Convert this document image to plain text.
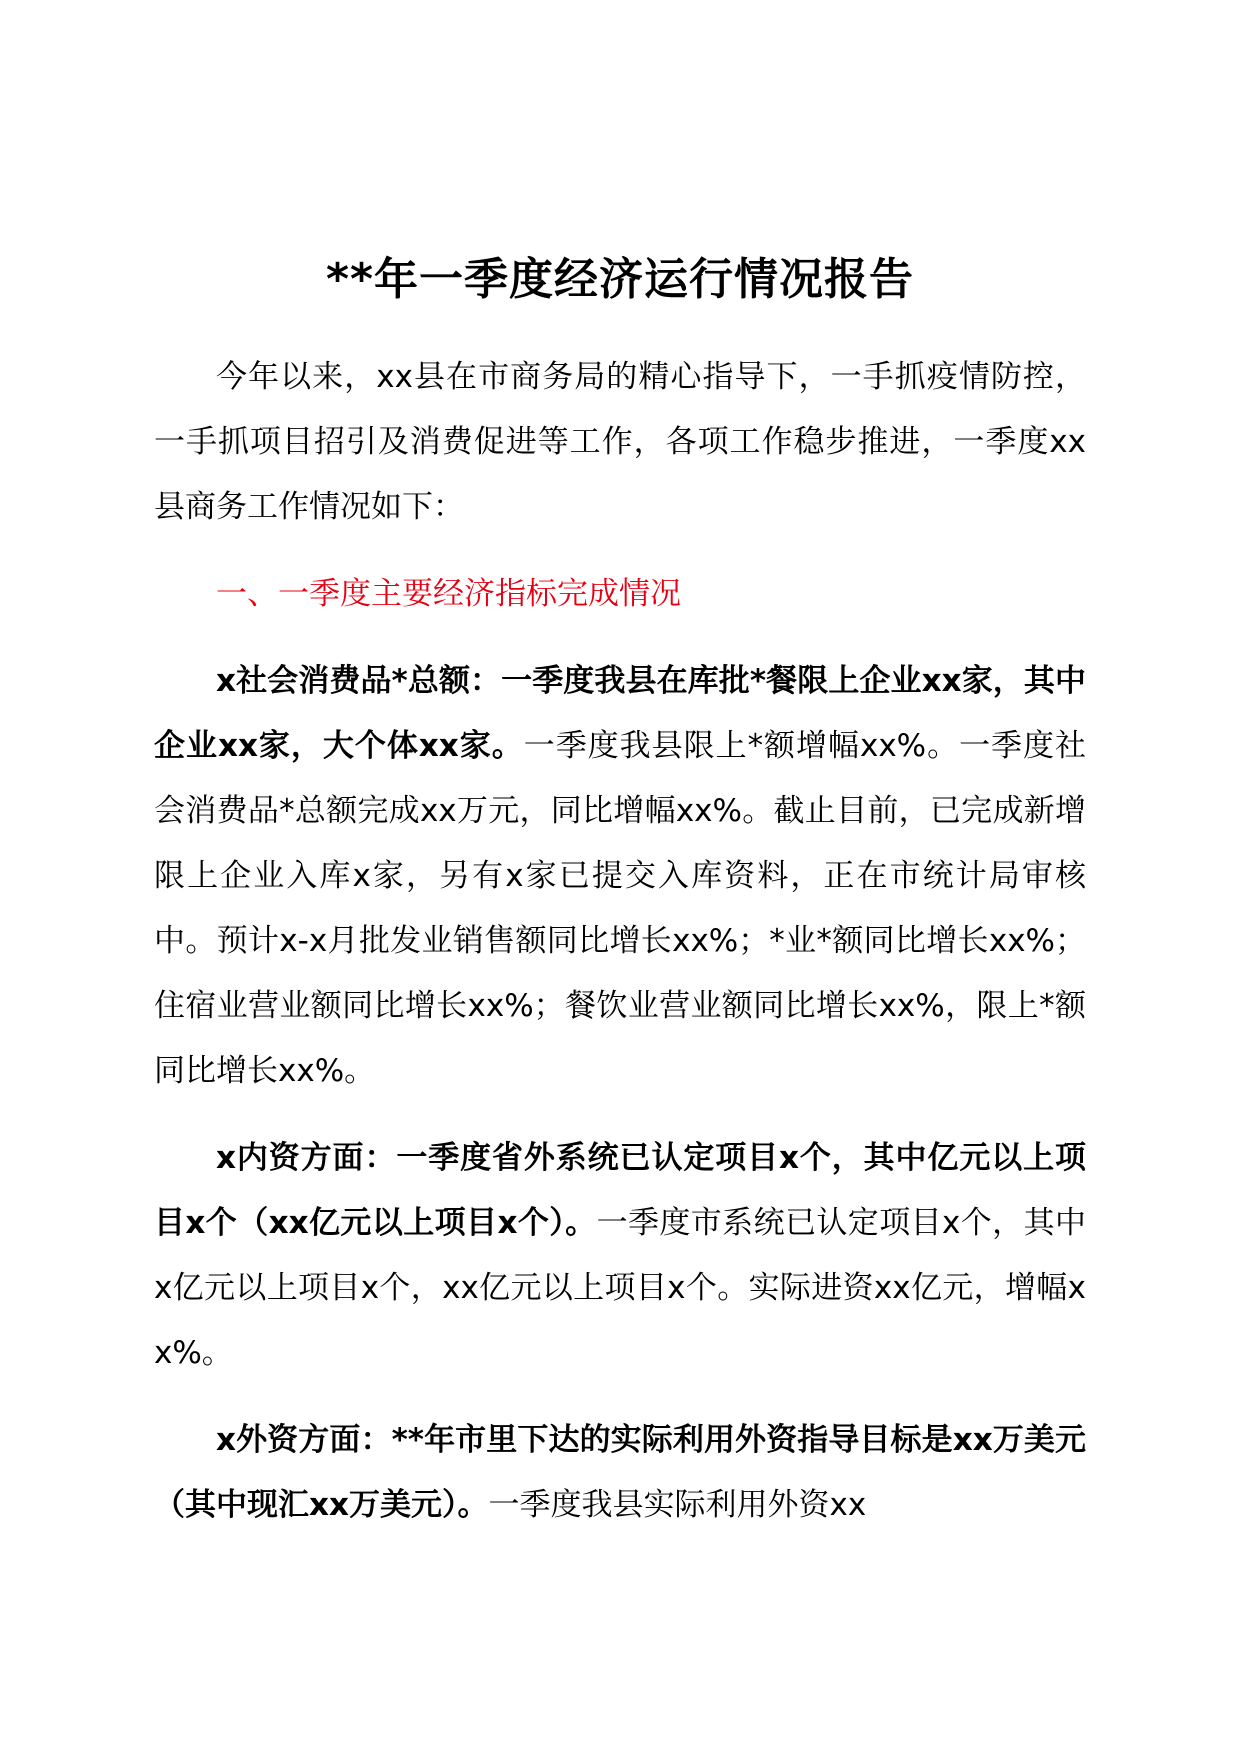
**年一季度经济运行情况报告

今年以来，xx县在市商务局的精心指导下，一手抓疫情防控，一手抓项目招引及消费促进等工作，各项工作稳步推进，一季度xx县商务工作情况如下：

一、一季度主要经济指标完成情况

x社会消费品*总额：一季度我县在库批*餐限上企业xx家，其中企业xx家，大个体xx家。一季度我县限上*额增幅xx%。一季度社会消费品*总额完成xx万元，同比增幅xx%。截止目前，已完成新增限上企业入库x家，另有x家已提交入库资料，正在市统计局审核中。预计x-x月批发业销售额同比增长xx%；*业*额同比增长xx%；住宿业营业额同比增长xx%；餐饮业营业额同比增长xx%，限上*额同比增长xx%。

x内资方面：一季度省外系统已认定项目x个，其中亿元以上项目x个（xx亿元以上项目x个）。一季度市系统已认定项目x个，其中x亿元以上项目x个，xx亿元以上项目x个。实际进资xx亿元，增幅xx%。

x外资方面：**年市里下达的实际利用外资指导目标是xx万美元（其中现汇xx万美元）。一季度我县实际利用外资xx
